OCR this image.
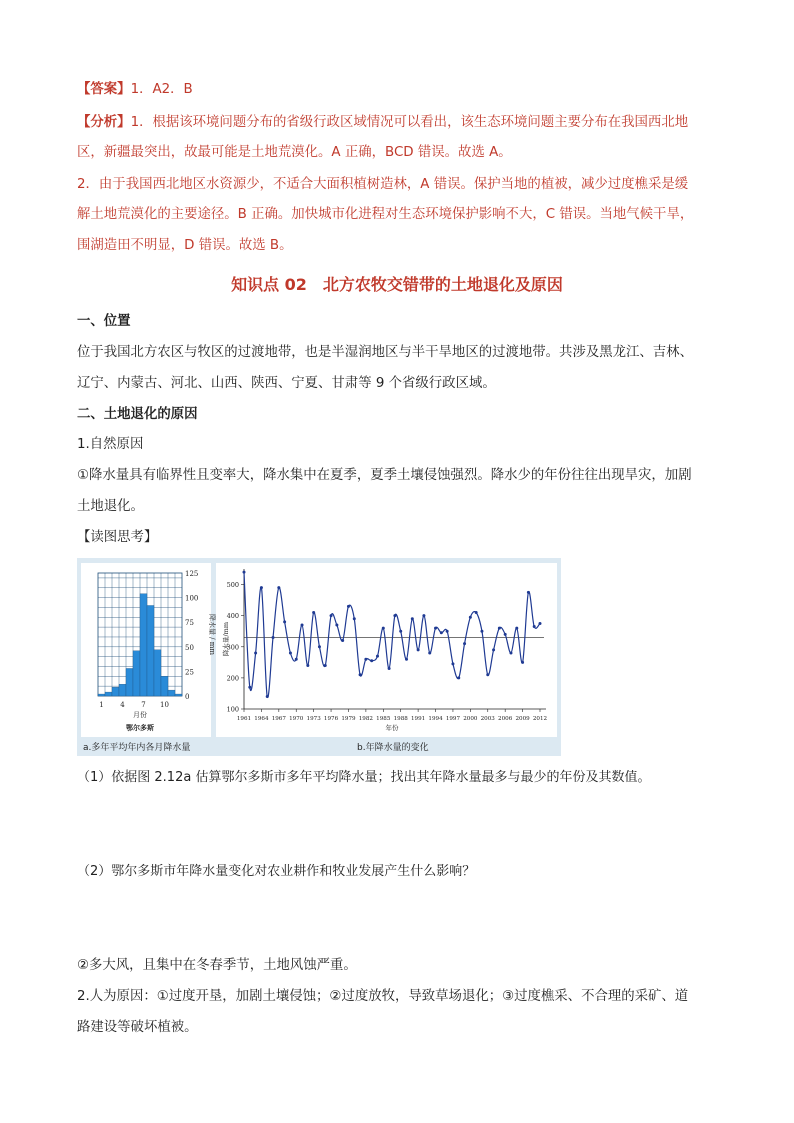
【答案】1．A2．B
【分析】1．根据该环境问题分布的省级行政区域情况可以看出，该生态环境问题主要分布在我国西北地
区，新疆最突出，故最可能是土地荒漠化。A 正确，BCD 错误。故选 A。
2．由于我国西北地区水资源少，不适合大面积植树造林，A 错误。保护当地的植被，减少过度樵采是缓
解土地荒漠化的主要途径。B 正确。加快城市化进程对生态环境保护影响不大，C 错误。当地气候干旱，
围湖造田不明显，D 错误。故选 B。
知识点 02　北方农牧交错带的土地退化及原因
一、位置
位于我国北方农区与牧区的过渡地带，也是半湿润地区与半干旱地区的过渡地带。共涉及黑龙江、吉林、
辽宁、内蒙古、河北、山西、陕西、宁夏、甘肃等 9 个省级行政区域。
二、土地退化的原因
1.自然原因
①降水量具有临界性且变率大，降水集中在夏季，夏季土壤侵蚀强烈。降水少的年份往往出现旱灾，加剧
土地退化。
【读图思考】
125
100
75
50
25
0
降水量 / mm
1 4 7 10
月份
鄂尔多斯
500
400
300
200
100
降水量/mm
1961 1964 1967 1970 1973 1976 1979 1982 1985 1988 1991 1994 1997 2000 2003 2006 2009 2012
年份
a.多年平均年内各月降水量	b.年降水量的变化
（1）依据图 2.12a 估算鄂尔多斯市多年平均降水量；找出其年降水量最多与最少的年份及其数值。
（2）鄂尔多斯市年降水量变化对农业耕作和牧业发展产生什么影响？
②多大风，且集中在冬春季节，土地风蚀严重。
2.人为原因：①过度开垦，加剧土壤侵蚀；②过度放牧，导致草场退化；③过度樵采、不合理的采矿、道
路建设等破坏植被。
